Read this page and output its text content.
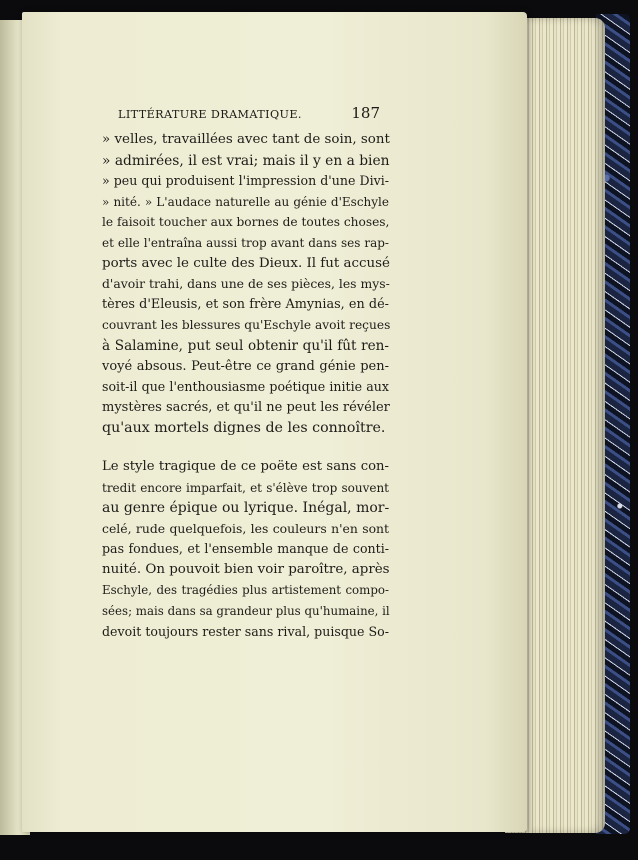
LITTÉRATURE DRAMATIQUE.	187
» velles, travaillées avec tant de soin, sont
» admirées, il est vrai; mais il y en a bien
» peu qui produisent l'impression d'une Divi-
» nité. » L'audace naturelle au génie d'Eschyle
le faisoit toucher aux bornes de toutes choses,
et elle l'entraîna aussi trop avant dans ses rap-
ports avec le culte des Dieux. Il fut accusé
d'avoir trahi, dans une de ses pièces, les mys-
tères d'Eleusis, et son frère Amynias, en dé-
couvrant les blessures qu'Eschyle avoit reçues
à Salamine, put seul obtenir qu'il fût ren-
voyé absous. Peut-être ce grand génie pen-
soit-il que l'enthousiasme poétique initie aux
mystères sacrés, et qu'il ne peut les révéler
qu'aux mortels dignes de les connoître.
Le style tragique de ce poëte est sans con-
tredit encore imparfait, et s'élève trop souvent
au genre épique ou lyrique. Inégal, mor-
celé, rude quelquefois, les couleurs n'en sont
pas fondues, et l'ensemble manque de conti-
nuité. On pouvoit bien voir paroître, après
Eschyle, des tragédies plus artistement compo-
sées; mais dans sa grandeur plus qu'humaine, il
devoit toujours rester sans rival, puisque So-
